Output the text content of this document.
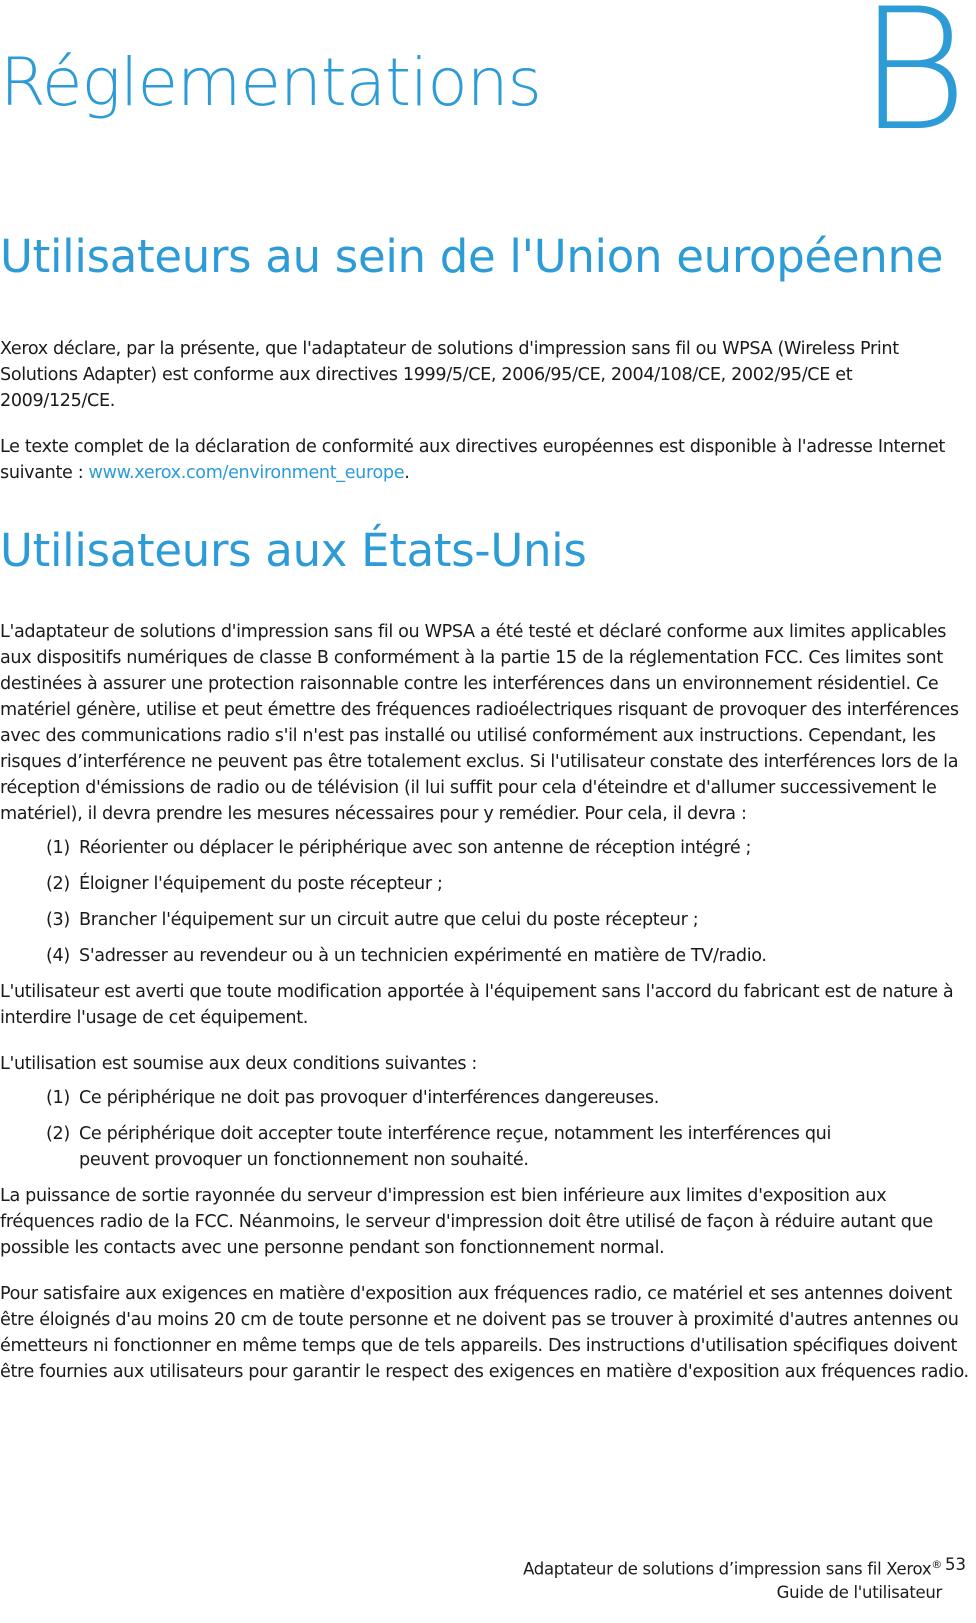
Réglementations B
Utilisateurs au sein de l'Union européenne

Xerox déclare, par la présente, que l'adaptateur de solutions d'impression sans fil ou WPSA (Wireless Print Solutions Adapter) est conforme aux directives 1999/5/CE, 2006/95/CE, 2004/108/CE, 2002/95/CE et 2009/125/CE.

Le texte complet de la déclaration de conformité aux directives européennes est disponible à l'adresse Internet suivante : www.xerox.com/environment_europe.

Utilisateurs aux États-Unis

L'adaptateur de solutions d'impression sans fil ou WPSA a été testé et déclaré conforme aux limites applicables aux dispositifs numériques de classe B conformément à la partie 15 de la réglementation FCC. Ces limites sont destinées à assurer une protection raisonnable contre les interférences dans un environnement résidentiel. Ce matériel génère, utilise et peut émettre des fréquences radioélectriques risquant de provoquer des interférences avec des communications radio s'il n'est pas installé ou utilisé conformément aux instructions. Cependant, les risques d’interférence ne peuvent pas être totalement exclus. Si l'utilisateur constate des interférences lors de la réception d'émissions de radio ou de télévision (il lui suffit pour cela d'éteindre et d'allumer successivement le matériel), il devra prendre les mesures nécessaires pour y remédier. Pour cela, il devra :

(1) Réorienter ou déplacer le périphérique avec son antenne de réception intégré ;
(2) Éloigner l'équipement du poste récepteur ;
(3) Brancher l'équipement sur un circuit autre que celui du poste récepteur ;
(4) S'adresser au revendeur ou à un technicien expérimenté en matière de TV/radio.

L'utilisateur est averti que toute modification apportée à l'équipement sans l'accord du fabricant est de nature à interdire l'usage de cet équipement.

L'utilisation est soumise aux deux conditions suivantes :

(1) Ce périphérique ne doit pas provoquer d'interférences dangereuses.
(2) Ce périphérique doit accepter toute interférence reçue, notamment les interférences qui peuvent provoquer un fonctionnement non souhaité.

La puissance de sortie rayonnée du serveur d'impression est bien inférieure aux limites d'exposition aux fréquences radio de la FCC. Néanmoins, le serveur d'impression doit être utilisé de façon à réduire autant que possible les contacts avec une personne pendant son fonctionnement normal.

Pour satisfaire aux exigences en matière d'exposition aux fréquences radio, ce matériel et ses antennes doivent être éloignés d'au moins 20 cm de toute personne et ne doivent pas se trouver à proximité d'autres antennes ou émetteurs ni fonctionner en même temps que de tels appareils. Des instructions d'utilisation spécifiques doivent être fournies aux utilisateurs pour garantir le respect des exigences en matière d'exposition aux fréquences radio.

Adaptateur de solutions d’impression sans fil Xerox®
Guide de l'utilisateur
53
